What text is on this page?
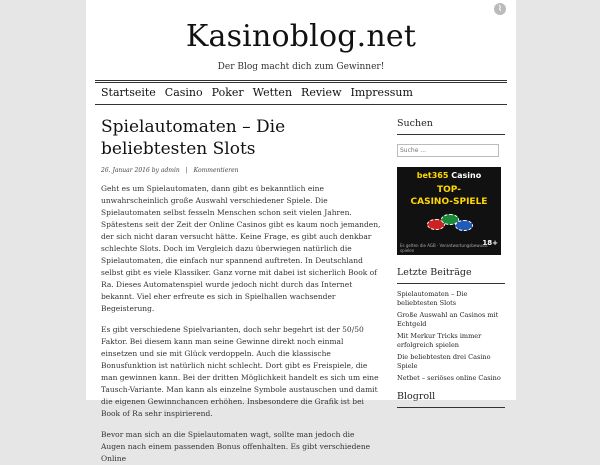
⌇
Kasinoblog.net
Der Blog macht dich zum Gewinner!
Startseite Casino Poker Wetten Review Impressum
Spielautomaten – Die beliebtesten Slots
26. Januar 2016 by admin | Kommentieren

Geht es um Spielautomaten, dann gibt es bekanntlich eine unwahrscheinlich große Auswahl verschiedener Spiele. Die Spielautomaten selbst fesseln Menschen schon seit vielen Jahren. Spätestens seit der Zeit der Online Casinos gibt es kaum noch jemanden, der sich nicht daran versucht hätte. Keine Frage, es gibt auch denkbar schlechte Slots. Doch im Vergleich dazu überwiegen natürlich die Spielautomaten, die einfach nur spannend auftreten. In Deutschland selbst gibt es viele Klassiker. Ganz vorne mit dabei ist sicherlich Book of Ra. Dieses Automatenspiel wurde jedoch nicht durch das Internet bekannt. Viel eher erfreute es sich in Spielhallen wachsender Begeisterung.

Es gibt verschiedene Spielvarianten, doch sehr begehrt ist der 50/50 Faktor. Bei diesem kann man seine Gewinne direkt noch einmal einsetzen und sie mit Glück verdoppeln. Auch die klassische Bonusfunktion ist natürlich nicht schlecht. Dort gibt es Freispiele, die man gewinnen kann. Bei der dritten Möglichkeit handelt es sich um eine Tausch-Variante. Man kann als einzelne Symbole austauschen und damit die eigenen Gewinnchancen erhöhen. Insbesondere die Grafik ist bei Book of Ra sehr inspirierend.

Bevor man sich an die Spielautomaten wagt, sollte man jedoch die Augen nach einem passenden Bonus offenhalten. Es gibt verschiedene Online

Suchen
Suche ...
bet365 Casino
TOP-
CASINO-SPIELE
18+
Es gelten die AGB · Verantwortungsbewusst spielen
Letzte Beiträge
Spielautomaten – Die beliebtesten Slots
Große Auswahl an Casinos mit Echtgeld
Mit Merkur Tricks immer erfolgreich spielen
Die beliebtesten drei Casino Spiele
Netbet – seriöses online Casino
Blogroll
